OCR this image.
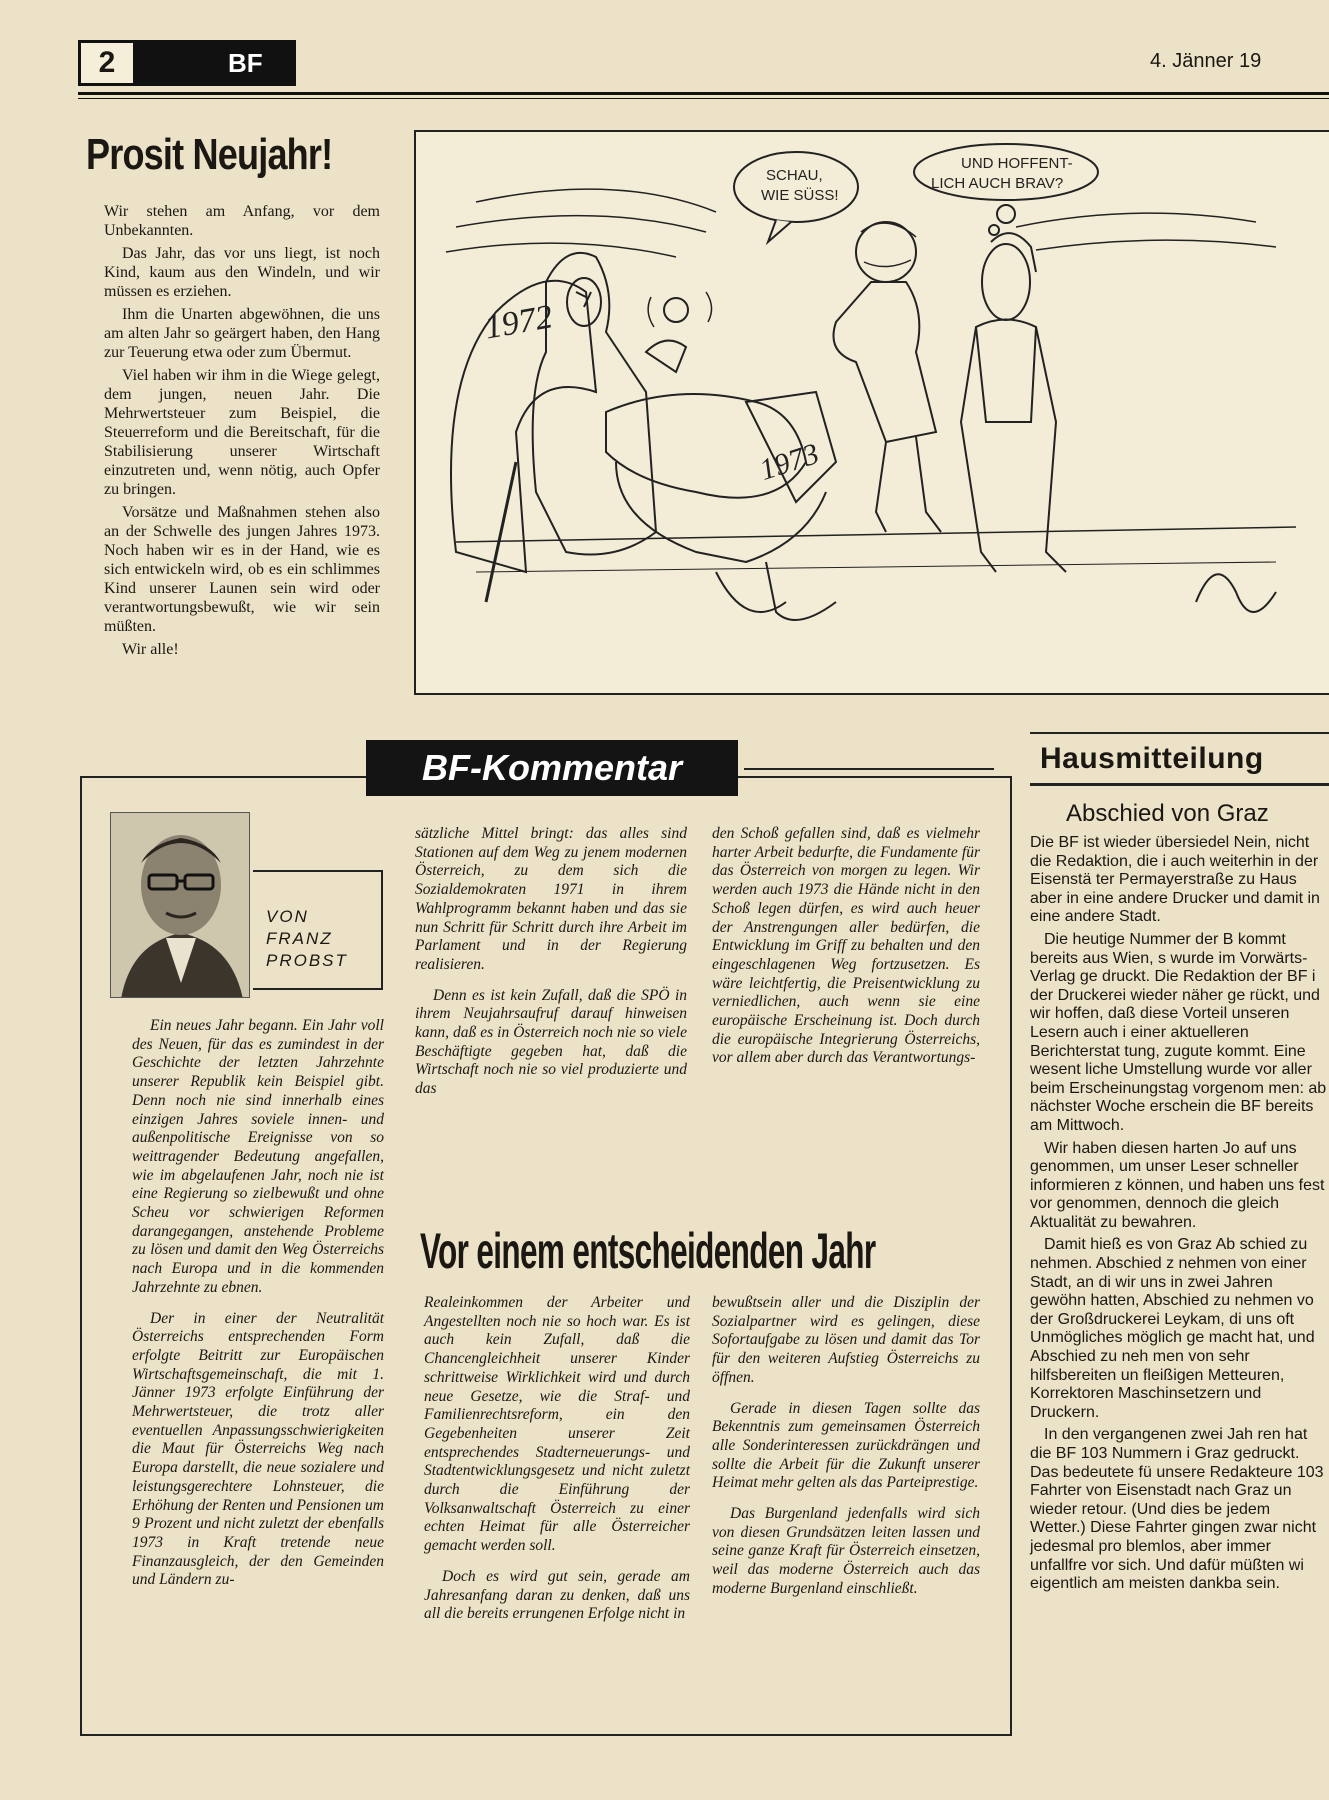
2	BF	4. Jänner 19
Prosit Neujahr!

Wir stehen am Anfang, vor dem Unbekannten.

Das Jahr, das vor uns liegt, ist noch Kind, kaum aus den Windeln, und wir müssen es erziehen.

Ihm die Unarten abgewöhnen, die uns am alten Jahr so geärgert haben, den Hang zur Teuerung etwa oder zum Übermut.

Viel haben wir ihm in die Wiege gelegt, dem jungen, neuen Jahr. Die Mehrwertsteuer zum Beispiel, die Steuerreform und die Bereitschaft, für die Stabilisierung unserer Wirtschaft einzutreten und, wenn nötig, auch Opfer zu bringen.

Vorsätze und Maßnahmen stehen also an der Schwelle des jungen Jahres 1973. Noch haben wir es in der Hand, wie es sich entwickeln wird, ob es ein schlimmes Kind unserer Launen sein wird oder verantwortungsbewußt, wie wir sein müßten.

Wir alle!

1972
1973
SCHAU,
WIE SÜSS!
UND HOFFENT-
LICH AUCH BRAV?
BF-Kommentar
VON
FRANZ
PROBST

Ein neues Jahr begann. Ein Jahr voll des Neuen, für das es zumindest in der Geschichte der letzten Jahrzehnte unserer Republik kein Beispiel gibt. Denn noch nie sind innerhalb eines einzigen Jahres soviele innen- und außenpolitische Ereignisse von so weittragender Bedeutung angefallen, wie im abgelaufenen Jahr, noch nie ist eine Regierung so zielbewußt und ohne Scheu vor schwierigen Reformen darangegangen, anstehende Probleme zu lösen und damit den Weg Österreichs nach Europa und in die kommenden Jahrzehnte zu ebnen.

Der in einer der Neutralität Österreichs entsprechenden Form erfolgte Beitritt zur Europäischen Wirtschaftsgemeinschaft, die mit 1. Jänner 1973 erfolgte Einführung der Mehrwertsteuer, die trotz aller eventuellen Anpassungsschwierigkeiten die Maut für Österreichs Weg nach Europa darstellt, die neue sozialere und leistungsgerechtere Lohnsteuer, die Erhöhung der Renten und Pensionen um 9 Prozent und nicht zuletzt der ebenfalls 1973 in Kraft tretende neue Finanzausgleich, der den Gemeinden und Ländern zu-

sätzliche Mittel bringt: das alles sind Stationen auf dem Weg zu jenem modernen Österreich, zu dem sich die Sozialdemokraten 1971 in ihrem Wahlprogramm bekannt haben und das sie nun Schritt für Schritt durch ihre Arbeit im Parlament und in der Regierung realisieren.

Denn es ist kein Zufall, daß die SPÖ in ihrem Neujahrsaufruf darauf hinweisen kann, daß es in Österreich noch nie so viele Beschäftigte gegeben hat, daß die Wirtschaft noch nie so viel produzierte und das

den Schoß gefallen sind, daß es vielmehr harter Arbeit bedurfte, die Fundamente für das Österreich von morgen zu legen. Wir werden auch 1973 die Hände nicht in den Schoß legen dürfen, es wird auch heuer der Anstrengungen aller bedürfen, die Entwicklung im Griff zu behalten und den eingeschlagenen Weg fortzusetzen. Es wäre leichtfertig, die Preisentwicklung zu verniedlichen, auch wenn sie eine europäische Erscheinung ist. Doch durch die europäische Integrierung Österreichs, vor allem aber durch das Verantwortungs-

Vor einem entscheidenden Jahr

Realeinkommen der Arbeiter und Angestellten noch nie so hoch war. Es ist auch kein Zufall, daß die Chancengleichheit unserer Kinder schrittweise Wirklichkeit wird und durch neue Gesetze, wie die Straf- und Familienrechtsreform, ein den Gegebenheiten unserer Zeit entsprechendes Stadterneuerungs- und Stadtentwicklungsgesetz und nicht zuletzt durch die Einführung der Volksanwaltschaft Österreich zu einer echten Heimat für alle Österreicher gemacht werden soll.

Doch es wird gut sein, gerade am Jahresanfang daran zu denken, daß uns all die bereits errungenen Erfolge nicht in

bewußtsein aller und die Disziplin der Sozialpartner wird es gelingen, diese Sofortaufgabe zu lösen und damit das Tor für den weiteren Aufstieg Österreichs zu öffnen.

Gerade in diesen Tagen sollte das Bekenntnis zum gemeinsamen Österreich alle Sonderinteressen zurückdrängen und sollte die Arbeit für die Zukunft unserer Heimat mehr gelten als das Parteiprestige.

Das Burgenland jedenfalls wird sich von diesen Grundsätzen leiten lassen und seine ganze Kraft für Österreich einsetzen, weil das moderne Österreich auch das moderne Burgenland einschließt.

Hausmitteilung
Abschied von Graz

Die BF ist wieder übersiedel Nein, nicht die Redaktion, die i auch weiterhin in der Eisenstä ter Permayerstraße zu Haus aber in eine andere Drucker und damit in eine andere Stadt.

Die heutige Nummer der B kommt bereits aus Wien, s wurde im Vorwärts-Verlag ge druckt. Die Redaktion der BF i der Druckerei wieder näher ge rückt, und wir hoffen, daß diese Vorteil unseren Lesern auch i einer aktuelleren Berichterstat tung, zugute kommt. Eine wesent liche Umstellung wurde vor aller beim Erscheinungstag vorgenom men: ab nächster Woche erschein die BF bereits am Mittwoch.

Wir haben diesen harten Jo auf uns genommen, um unser Leser schneller informieren z können, und haben uns fest vor genommen, dennoch die gleich Aktualität zu bewahren.

Damit hieß es von Graz Ab schied zu nehmen. Abschied z nehmen von einer Stadt, an di wir uns in zwei Jahren gewöhn hatten, Abschied zu nehmen vo der Großdruckerei Leykam, di uns oft Unmögliches möglich ge macht hat, und Abschied zu neh men von sehr hilfsbereiten un fleißigen Metteuren, Korrektoren Maschinsetzern und Druckern.

In den vergangenen zwei Jah ren hat die BF 103 Nummern i Graz gedruckt. Das bedeutete fü unsere Redakteure 103 Fahrter von Eisenstadt nach Graz un wieder retour. (Und dies be jedem Wetter.) Diese Fahrter gingen zwar nicht jedesmal pro blemlos, aber immer unfallfre vor sich. Und dafür müßten wi eigentlich am meisten dankba sein.
